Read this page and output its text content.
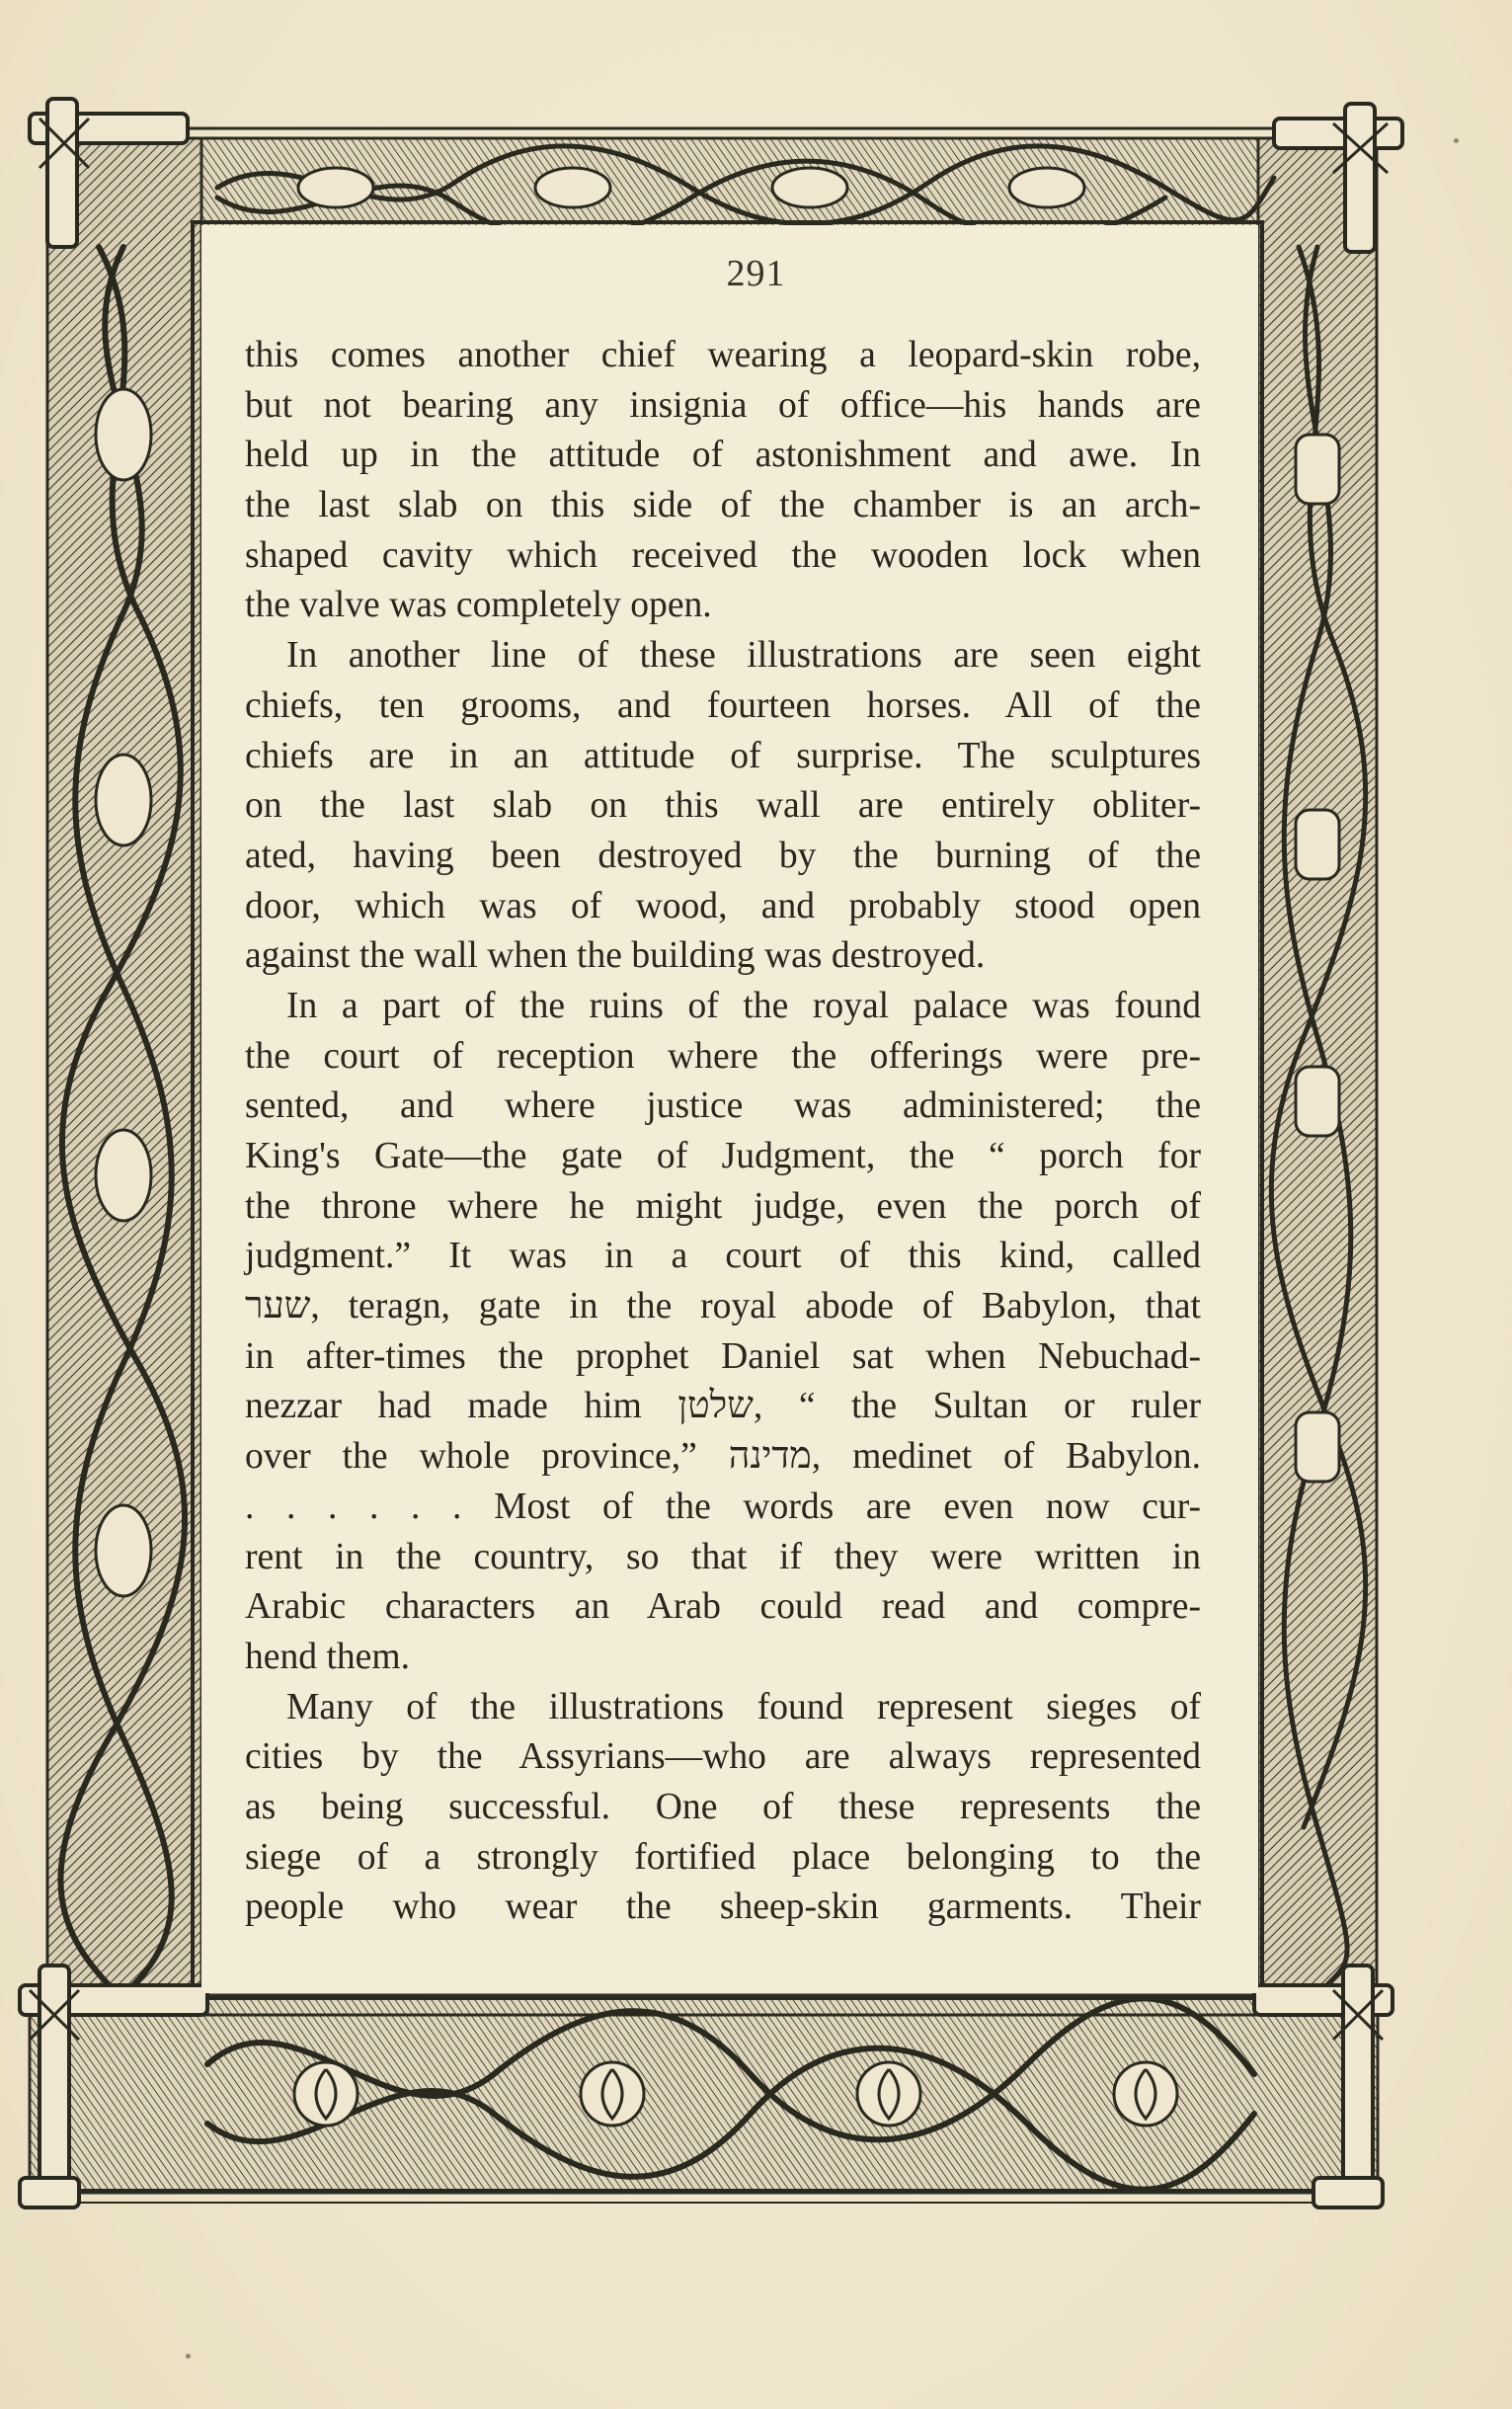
291

this comes another chief wearing a leopard-skin robe,
but not bearing any insignia of office—his hands are
held up in the attitude of astonishment and awe. In
the last slab on this side of the chamber is an arch-
shaped cavity which received the wooden lock when
the valve was completely open.

In another line of these illustrations are seen eight
chiefs, ten grooms, and fourteen horses. All of the
chiefs are in an attitude of surprise. The sculptures
on the last slab on this wall are entirely obliter-
ated, having been destroyed by the burning of the
door, which was of wood, and probably stood open
against the wall when the building was destroyed.

In a part of the ruins of the royal palace was found
the court of reception where the offerings were pre-
sented, and where justice was administered; the
King's Gate—the gate of Judgment, the “ porch for
the throne where he might judge, even the porch of
judgment.” It was in a court of this kind, called
שער, teragn, gate in the royal abode of Babylon, that
in after-times the prophet Daniel sat when Nebuchad-
nezzar had made him שלטן, “ the Sultan or ruler
over the whole province,” מדינה, medinet of Babylon.
. . . . . . Most of the words are even now cur-
rent in the country, so that if they were written in
Arabic characters an Arab could read and compre-
hend them.

Many of the illustrations found represent sieges of
cities by the Assyrians—who are always represented
as being successful. One of these represents the
siege of a strongly fortified place belonging to the
people who wear the sheep-skin garments. Their
